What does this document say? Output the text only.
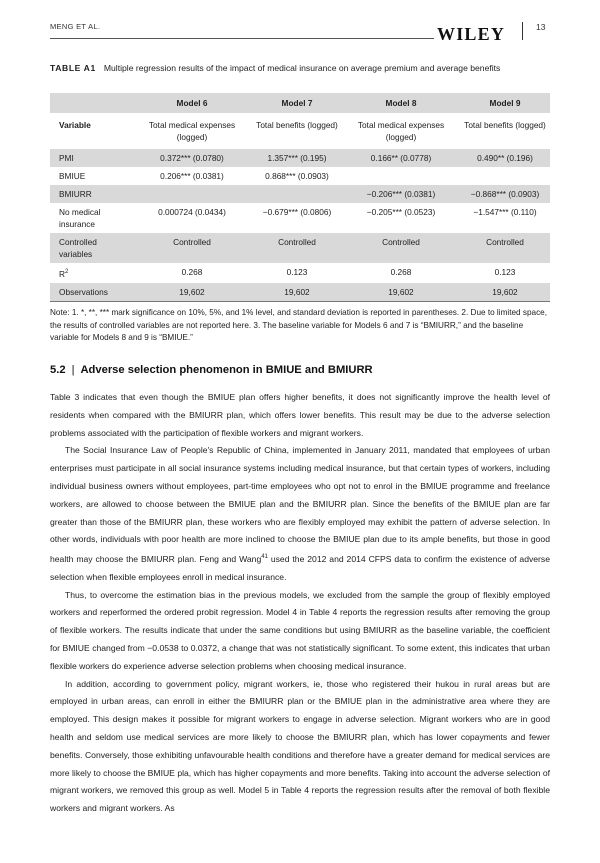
MENG ET AL.	WILEY	13
TABLE A1 Multiple regression results of the impact of medical insurance on average premium and average benefits
	Model 6	Model 7	Model 8	Model 9
Variable	Total medical expenses (logged)	Total benefits (logged)	Total medical expenses (logged)	Total benefits (logged)
PMI	0.372*** (0.0780)	1.357*** (0.195)	0.166** (0.0778)	0.490** (0.196)
BMIUE	0.206*** (0.0381)	0.868*** (0.0903)		
BMIURR			−0.206*** (0.0381)	−0.868*** (0.0903)
No medical insurance	0.000724 (0.0434)	−0.679*** (0.0806)	−0.205*** (0.0523)	−1.547*** (0.110)
Controlled variables	Controlled	Controlled	Controlled	Controlled
$R^2$	0.268	0.123	0.268	0.123
Observations	19,602	19,602	19,602	19,602
Note: 1. *, **, *** mark significance on 10%, 5%, and 1% level, and standard deviation is reported in parentheses. 2. Due to limited space, the results of controlled variables are not reported here. 3. The baseline variable for Models 6 and 7 is “BMIURR,” and the baseline variable for Models 8 and 9 is “BMIUE.”
5.2 | Adverse selection phenomenon in BMIUE and BMIURR

Table 3 indicates that even though the BMIUE plan offers higher benefits, it does not significantly improve the health level of residents when compared with the BMIURR plan, which offers lower benefits. This result may be due to the adverse selection problems associated with the participation of flexible workers and migrant workers.

The Social Insurance Law of People's Republic of China, implemented in January 2011, mandated that employees of urban enterprises must participate in all social insurance systems including medical insurance, but that certain types of workers, including individual business owners without employees, part-time employees who opt not to enrol in the BMIUE programme and freelance workers, are allowed to choose between the BMIUE plan and the BMIURR plan. Since the benefits of the BMIUE plan are far greater than those of the BMIURR plan, these workers who are flexibly employed may exhibit the pattern of adverse selection. In other words, individuals with poor health are more inclined to choose the BMIUE plan due to its ample benefits, but those in good health may choose the BMIURR plan. Feng and Wang$^{41}$ used the 2012 and 2014 CFPS data to confirm the existence of adverse selection when flexible employees enroll in medical insurance.

Thus, to overcome the estimation bias in the previous models, we excluded from the sample the group of flexibly employed workers and reperformed the ordered probit regression. Model 4 in Table 4 reports the regression results after removing the group of flexible workers. The results indicate that under the same conditions but using BMIURR as the baseline variable, the coefficient for BMIUE changed from −0.0538 to 0.0372, a change that was not statistically significant. To some extent, this indicates that urban flexible workers do experience adverse selection problems when choosing medical insurance.

In addition, according to government policy, migrant workers, ie, those who registered their hukou in rural areas but are employed in urban areas, can enroll in either the BMIURR plan or the BMIUE plan in the administrative area where they are employed. This design makes it possible for migrant workers to engage in adverse selection. Migrant workers who are in good health and seldom use medical services are more likely to choose the BMIURR plan, which has lower copayments and fewer benefits. Conversely, those exhibiting unfavourable health conditions and therefore have a greater demand for medical services are more likely to choose the BMIUE pla, which has higher copayments and more benefits. Taking into account the adverse selection of migrant workers, we removed this group as well. Model 5 in Table 4 reports the regression results after the removal of both flexible workers and migrant workers. As
